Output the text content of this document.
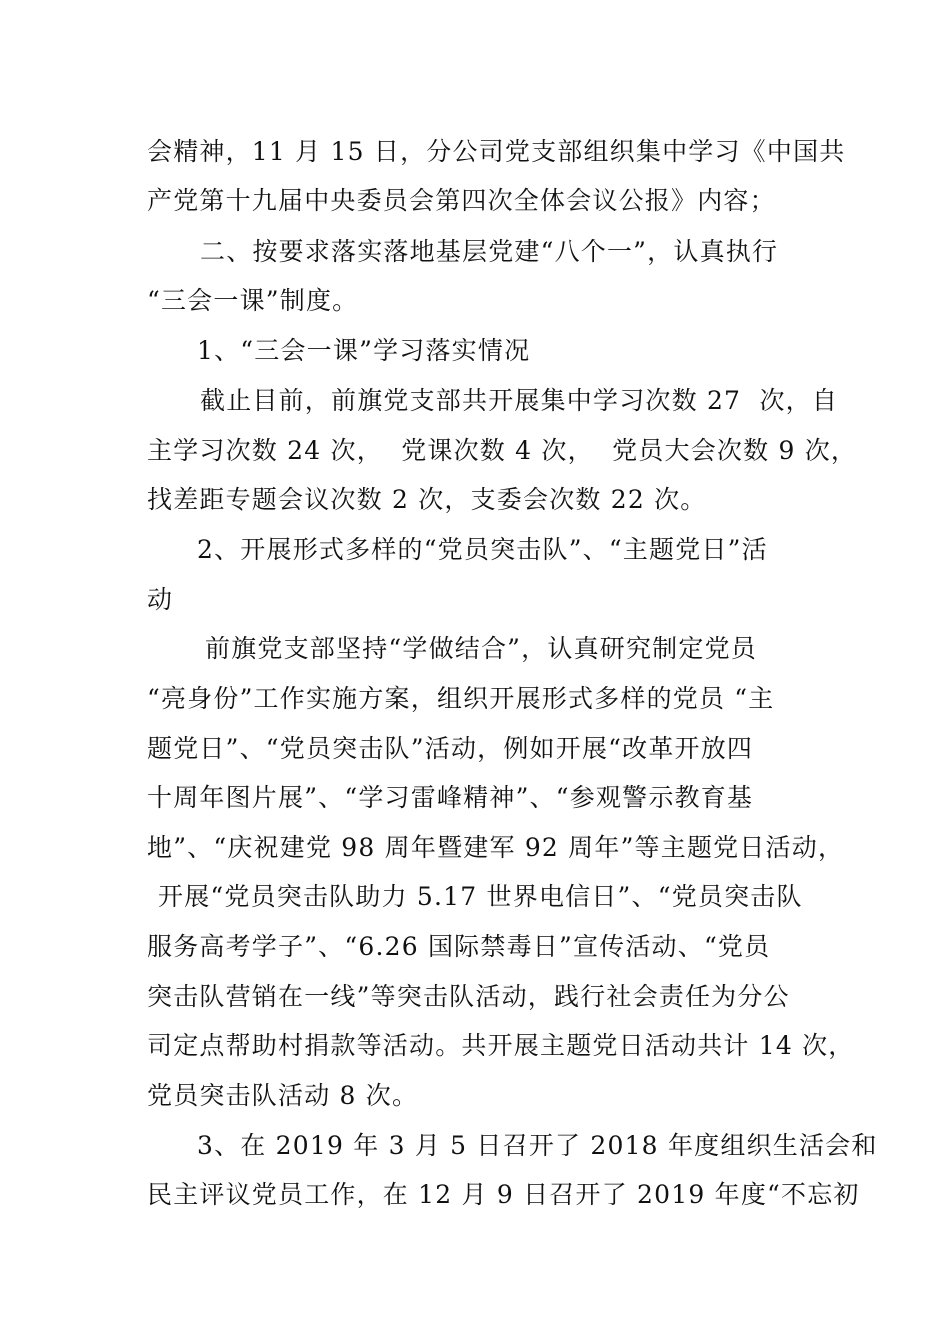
会精神，11 月 15 日，分公司党支部组织集中学习《中国共
产党第十九届中央委员会第四次全体会议公报》内容；
二、按要求落实落地基层党建“八个一”，认真执行
“三会一课”制度。
1、“三会一课”学习落实情况
截止目前，前旗党支部共开展集中学习次数 27  次，自
主学习次数 24 次，  党课次数 4 次，  党员大会次数 9 次，
找差距专题会议次数 2 次，支委会次数 22 次。
2、开展形式多样的“党员突击队”、“主题党日”活
动
前旗党支部坚持“学做结合”，认真研究制定党员
“亮身份”工作实施方案，组织开展形式多样的党员 “主
题党日”、“党员突击队”活动，例如开展“改革开放四
十周年图片展”、“学习雷峰精神”、“参观警示教育基
地”、“庆祝建党 98 周年暨建军 92 周年”等主题党日活动，
开展“党员突击队助力 5.17 世界电信日”、“党员突击队
服务高考学子”、“6.26 国际禁毒日”宣传活动、“党员
突击队营销在一线”等突击队活动，践行社会责任为分公
司定点帮助村捐款等活动。共开展主题党日活动共计 14 次，
党员突击队活动 8 次。
3、在 2019 年 3 月 5 日召开了 2018 年度组织生活会和
民主评议党员工作，在 12 月 9 日召开了 2019 年度“不忘初
